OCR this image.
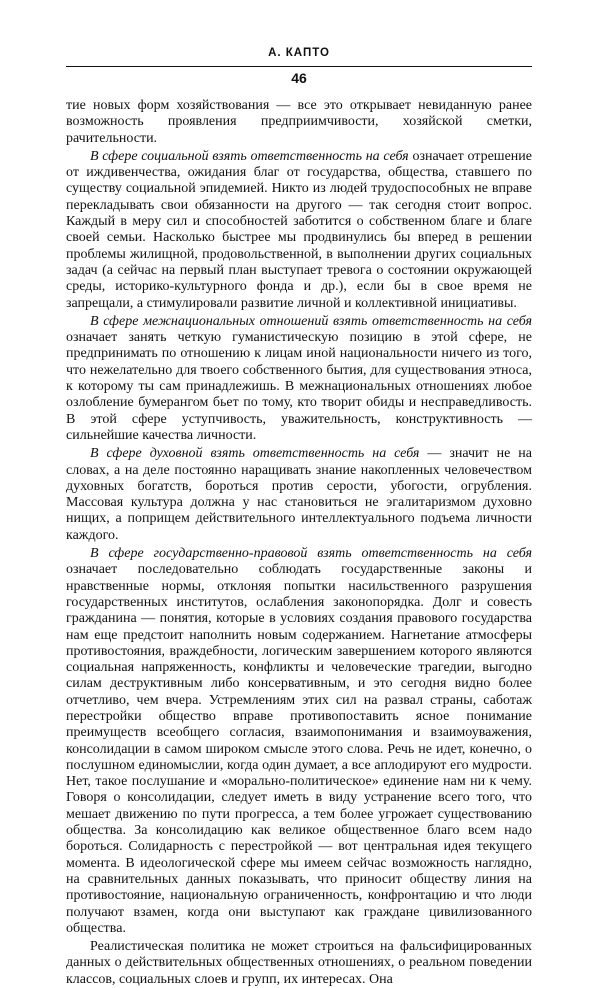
А. КАПТО
46

тие новых форм хозяйствования — все это открывает невиданную ранее возможность проявления предприимчивости, хозяйской сметки, рачительности.

В сфере социальной взять ответственность на себя означает отрешение от иждивенчества, ожидания благ от государства, общества, ставшего по существу социальной эпидемией. Никто из людей трудоспособных не вправе перекладывать свои обязанности на другого — так сегодня стоит вопрос. Каждый в меру сил и способностей заботится о собственном благе и благе своей семьи. Насколько быстрее мы продвинулись бы вперед в решении проблемы жилищной, продовольственной, в выполнении других социальных задач (а сейчас на первый план выступает тревога о состоянии окружающей среды, историко-культурного фонда и др.), если бы в свое время не запрещали, а стимулировали развитие личной и коллективной инициативы.

В сфере межнациональных отношений взять ответственность на себя означает занять четкую гуманистическую позицию в этой сфере, не предпринимать по отношению к лицам иной национальности ничего из того, что нежелательно для твоего собственного бытия, для существования этноса, к которому ты сам принадлежишь. В межнациональных отношениях любое озлобление бумерангом бьет по тому, кто творит обиды и несправедливость. В этой сфере уступчивость, уважительность, конструктивность — сильнейшие качества личности.

В сфере духовной взять ответственность на себя — значит не на словах, а на деле постоянно наращивать знание накопленных человечеством духовных богатств, бороться против серости, убогости, огрубления. Массовая культура должна у нас становиться не эгалитаризмом духовно нищих, а поприщем действительного интеллектуального подъема личности каждого.

В сфере государственно-правовой взять ответственность на себя означает последовательно соблюдать государственные законы и нравственные нормы, отклоняя попытки насильственного разрушения государственных институтов, ослабления законопорядка. Долг и совесть гражданина — понятия, которые в условиях создания правового государства нам еще предстоит наполнить новым содержанием. Нагнетание атмосферы противостояния, враждебности, логическим завершением которого являются социальная напряженность, конфликты и человеческие трагедии, выгодно силам деструктивным либо консервативным, и это сегодня видно более отчетливо, чем вчера. Устремлениям этих сил на развал страны, саботаж перестройки общество вправе противопоставить ясное понимание преимуществ всеобщего согласия, взаимопонимания и взаимоуважения, консолидации в самом широком смысле этого слова. Речь не идет, конечно, о послушном единомыслии, когда один думает, а все аплодируют его мудрости. Нет, такое послушание и «морально-политическое» единение нам ни к чему. Говоря о консолидации, следует иметь в виду устранение всего того, что мешает движению по пути прогресса, а тем более угрожает существованию общества. За консолидацию как великое общественное благо всем надо бороться. Солидарность с перестройкой — вот центральная идея текущего момента. В идеологической сфере мы имеем сейчас возможность наглядно, на сравнительных данных показывать, что приносит обществу линия на противостояние, национальную ограниченность, конфронтацию и что люди получают взамен, когда они выступают как граждане цивилизованного общества.

Реалистическая политика не может строиться на фальсифицированных данных о действительных общественных отношениях, о реальном поведении классов, социальных слоев и групп, их интересах. Она
